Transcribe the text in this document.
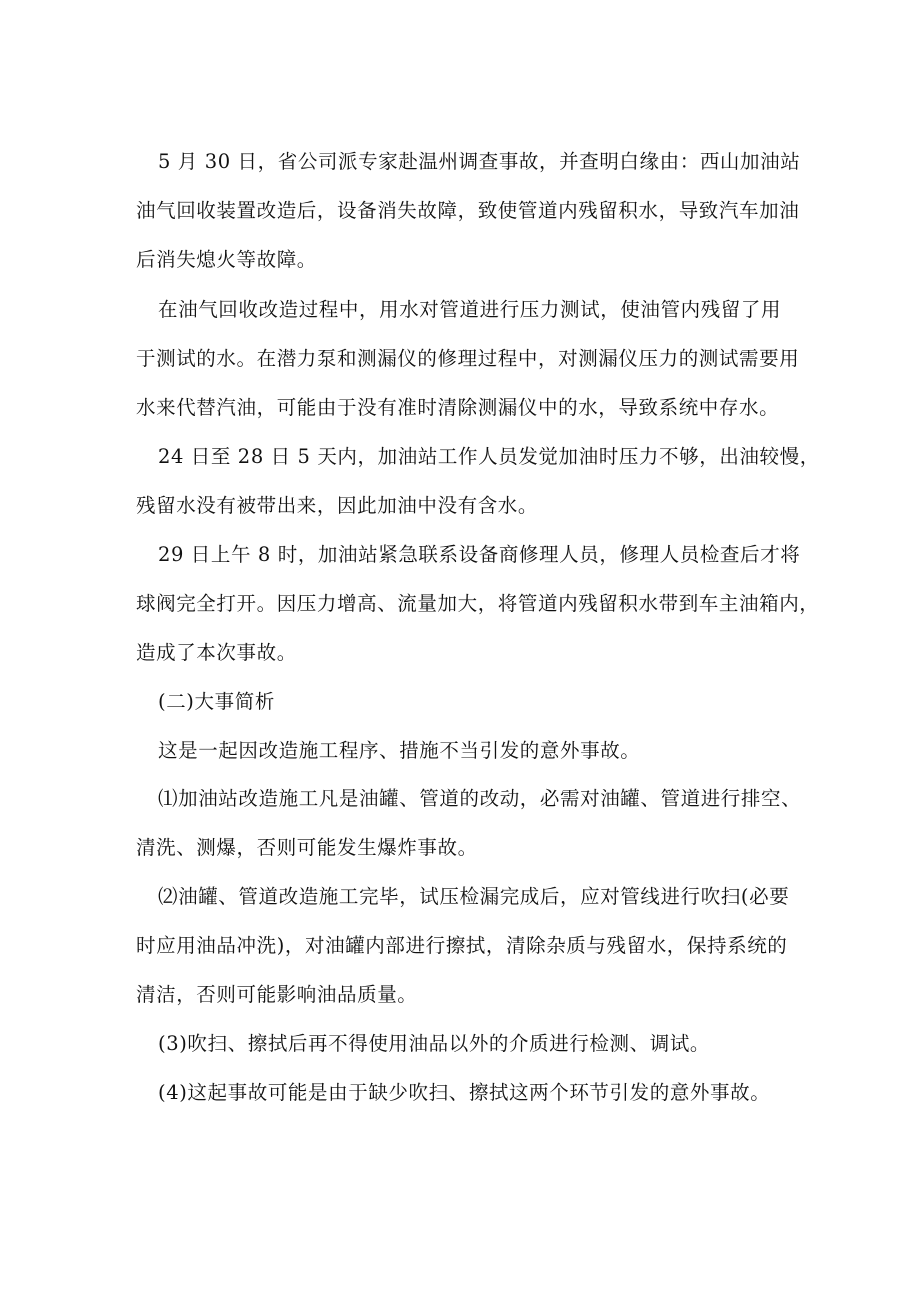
5 月 30 日，省公司派专家赴温州调查事故，并查明白缘由：西山加油站
油气回收装置改造后，设备消失故障，致使管道内残留积水，导致汽车加油
后消失熄火等故障。
在油气回收改造过程中，用水对管道进行压力测试，使油管内残留了用
于测试的水。在潜力泵和测漏仪的修理过程中，对测漏仪压力的测试需要用
水来代替汽油，可能由于没有准时清除测漏仪中的水，导致系统中存水。
24 日至 28 日 5 天内，加油站工作人员发觉加油时压力不够，出油较慢，
残留水没有被带出来，因此加油中没有含水。
29 日上午 8 时，加油站紧急联系设备商修理人员，修理人员检查后才将
球阀完全打开。因压力增高、流量加大，将管道内残留积水带到车主油箱内，
造成了本次事故。
(二)大事简析
这是一起因改造施工程序、措施不当引发的意外事故。
⑴加油站改造施工凡是油罐、管道的改动，必需对油罐、管道进行排空、
清洗、测爆，否则可能发生爆炸事故。
⑵油罐、管道改造施工完毕，试压检漏完成后，应对管线进行吹扫(必要
时应用油品冲洗)，对油罐内部进行擦拭，清除杂质与残留水，保持系统的
清洁，否则可能影响油品质量。
(3)吹扫、擦拭后再不得使用油品以外的介质进行检测、调试。
(4)这起事故可能是由于缺少吹扫、擦拭这两个环节引发的意外事故。
